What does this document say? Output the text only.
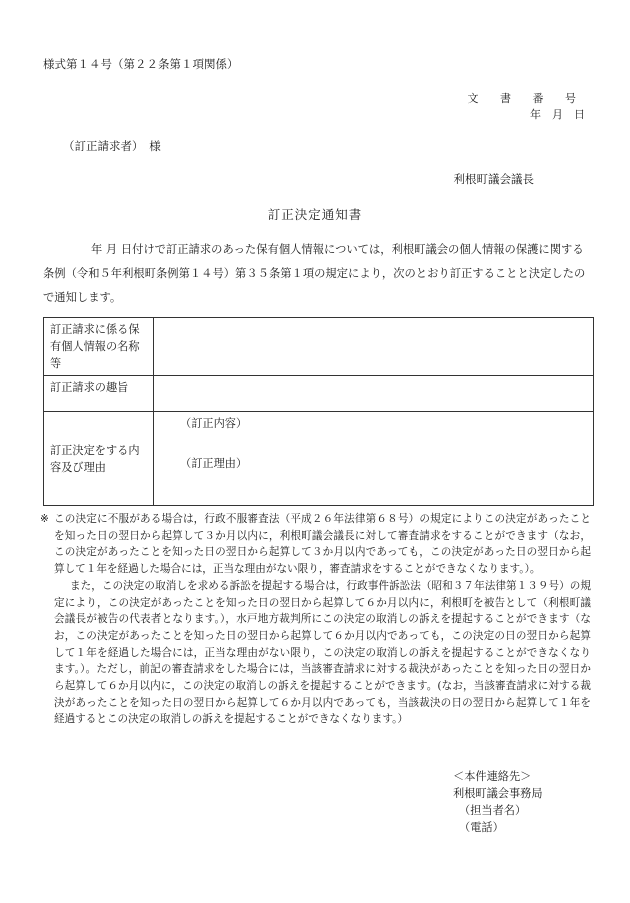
様式第１４号（第２２条第１項関係）
文 書 番 号
年　月　日
（訂正請求者）　様
利根町議会議長
訂正決定通知書
年 月 日付けで訂正請求のあった保有個人情報については，利根町議会の個人情報の保護に関する条例（令和５年利根町条例第１４号）第３５条第１項の規定により，次のとおり訂正することと決定したので通知します。
訂正請求に係る保有個人情報の名称等	
訂正請求の趣旨	
訂正決定をする内容及び理由	（訂正内容）
（訂正理由）
※ この決定に不服がある場合は，行政不服審査法（平成２６年法律第６８号）の規定によりこの決定があったことを知った日の翌日から起算して３か月以内に，利根町議会議長に対して審査請求をすることができます（なお，この決定があったことを知った日の翌日から起算して３か月以内であっても，この決定があった日の翌日から起算して１年を経過した場合には，正当な理由がない限り，審査請求をすることができなくなります。）。

また，この決定の取消しを求める訴訟を提起する場合は，行政事件訴訟法（昭和３７年法律第１３９号）の規定により，この決定があったことを知った日の翌日から起算して６か月以内に，利根町を被告として（利根町議会議長が被告の代表者となります。），水戸地方裁判所にこの決定の取消しの訴えを提起することができます（なお，この決定があったことを知った日の翌日から起算して６か月以内であっても，この決定の日の翌日から起算して１年を経過した場合には，正当な理由がない限り，この決定の取消しの訴えを提起することができなくなります。）。ただし，前記の審査請求をした場合には，当該審査請求に対する裁決があったことを知った日の翌日から起算して６か月以内に，この決定の取消しの訴えを提起することができます。(なお，当該審査請求に対する裁決があったことを知った日の翌日から起算して６か月以内であっても，当該裁決の日の翌日から起算して１年を経過するとこの決定の取消しの訴えを提起することができなくなります。）

＜本件連絡先＞
利根町議会事務局
（担当者名）
（電話）
